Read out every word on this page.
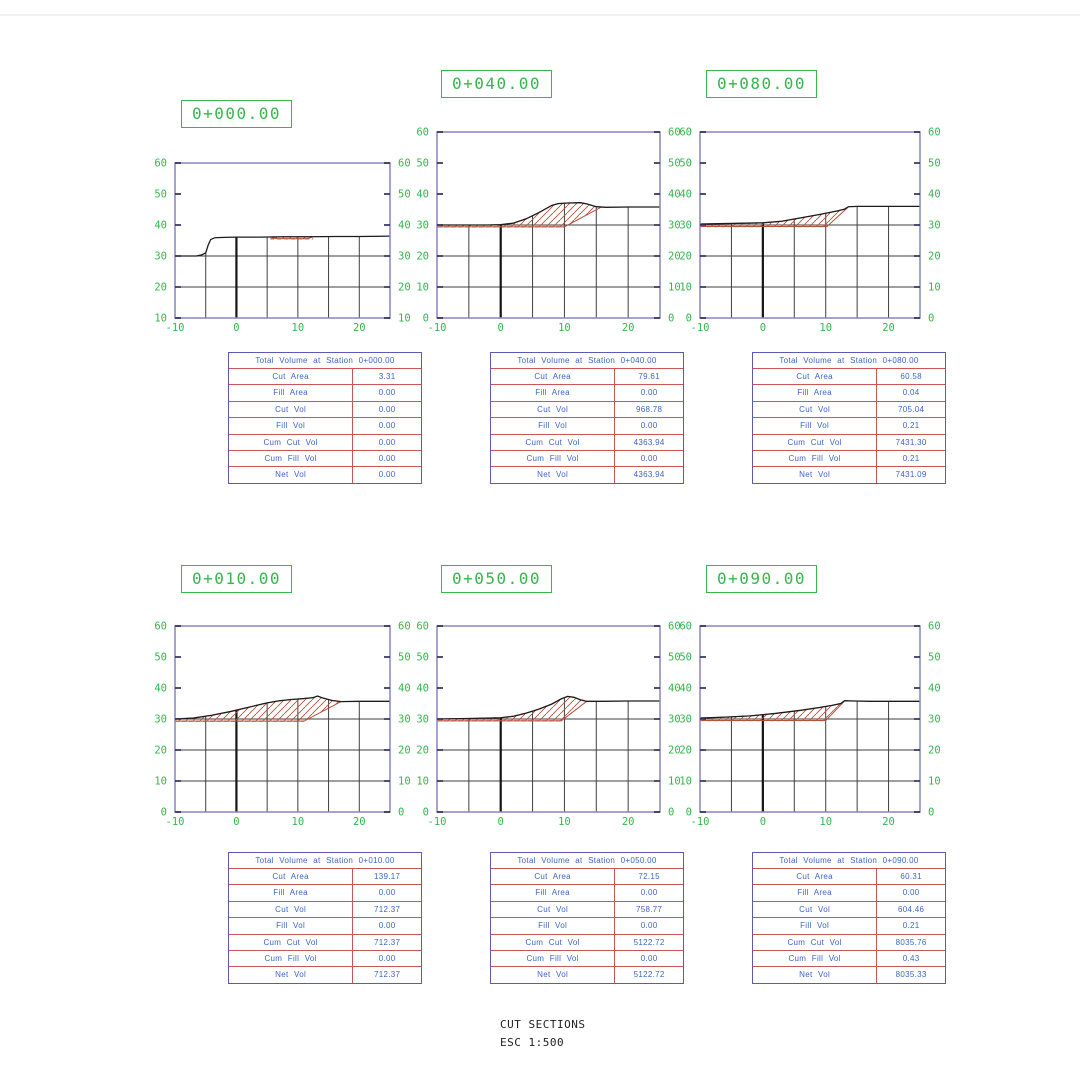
0+000.00
0+040.00	0+080.00
0+010.00	0+050.00	0+090.00
60	60
50	50
40	40
30	30
20	20
10	10
-10	0	10	20
60	60
50	50
40	40
30	30
20	20
10	10
0	0
-10	0	10	20
60	60
50	50
40	40
30	30
20	20
10	10
0	0
-10	0	10	20
60	60
50	50
40	40
30	30
20	20
10	10
0	0
-10	0	10	20
60	60
50	50
40	40
30	30
20	20
10	10
0	0
-10	0	10	20
60	60
50	50
40	40
30	30
20	20
10	10
0	0
-10	0	10	20
Total Volume at Station 0+000.00
Cut Area	3.31
Fill Area	0.00
Cut Vol	0.00
Fill Vol	0.00
Cum Cut Vol	0.00
Cum Fill Vol	0.00
Net Vol	0.00
Total Volume at Station 0+040.00
Cut Area	79.61
Fill Area	0.00
Cut Vol	968.78
Fill Vol	0.00
Cum Cut Vol	4363.94
Cum Fill Vol	0.00
Net Vol	4363.94
Total Volume at Station 0+080.00
Cut Area	60.58
Fill Area	0.04
Cut Vol	705.04
Fill Vol	0.21
Cum Cut Vol	7431.30
Cum Fill Vol	0.21
Net Vol	7431.09
Total Volume at Station 0+010.00
Cut Area	139.17
Fill Area	0.00
Cut Vol	712.37
Fill Vol	0.00
Cum Cut Vol	712.37
Cum Fill Vol	0.00
Net Vol	712.37
Total Volume at Station 0+050.00
Cut Area	72.15
Fill Area	0.00
Cut Vol	758.77
Fill Vol	0.00
Cum Cut Vol	5122.72
Cum Fill Vol	0.00
Net Vol	5122.72
Total Volume at Station 0+090.00
Cut Area	60.31
Fill Area	0.00
Cut Vol	604.46
Fill Vol	0.21
Cum Cut Vol	8035.76
Cum Fill Vol	0.43
Net Vol	8035.33
CUT SECTIONS
ESC 1:500
